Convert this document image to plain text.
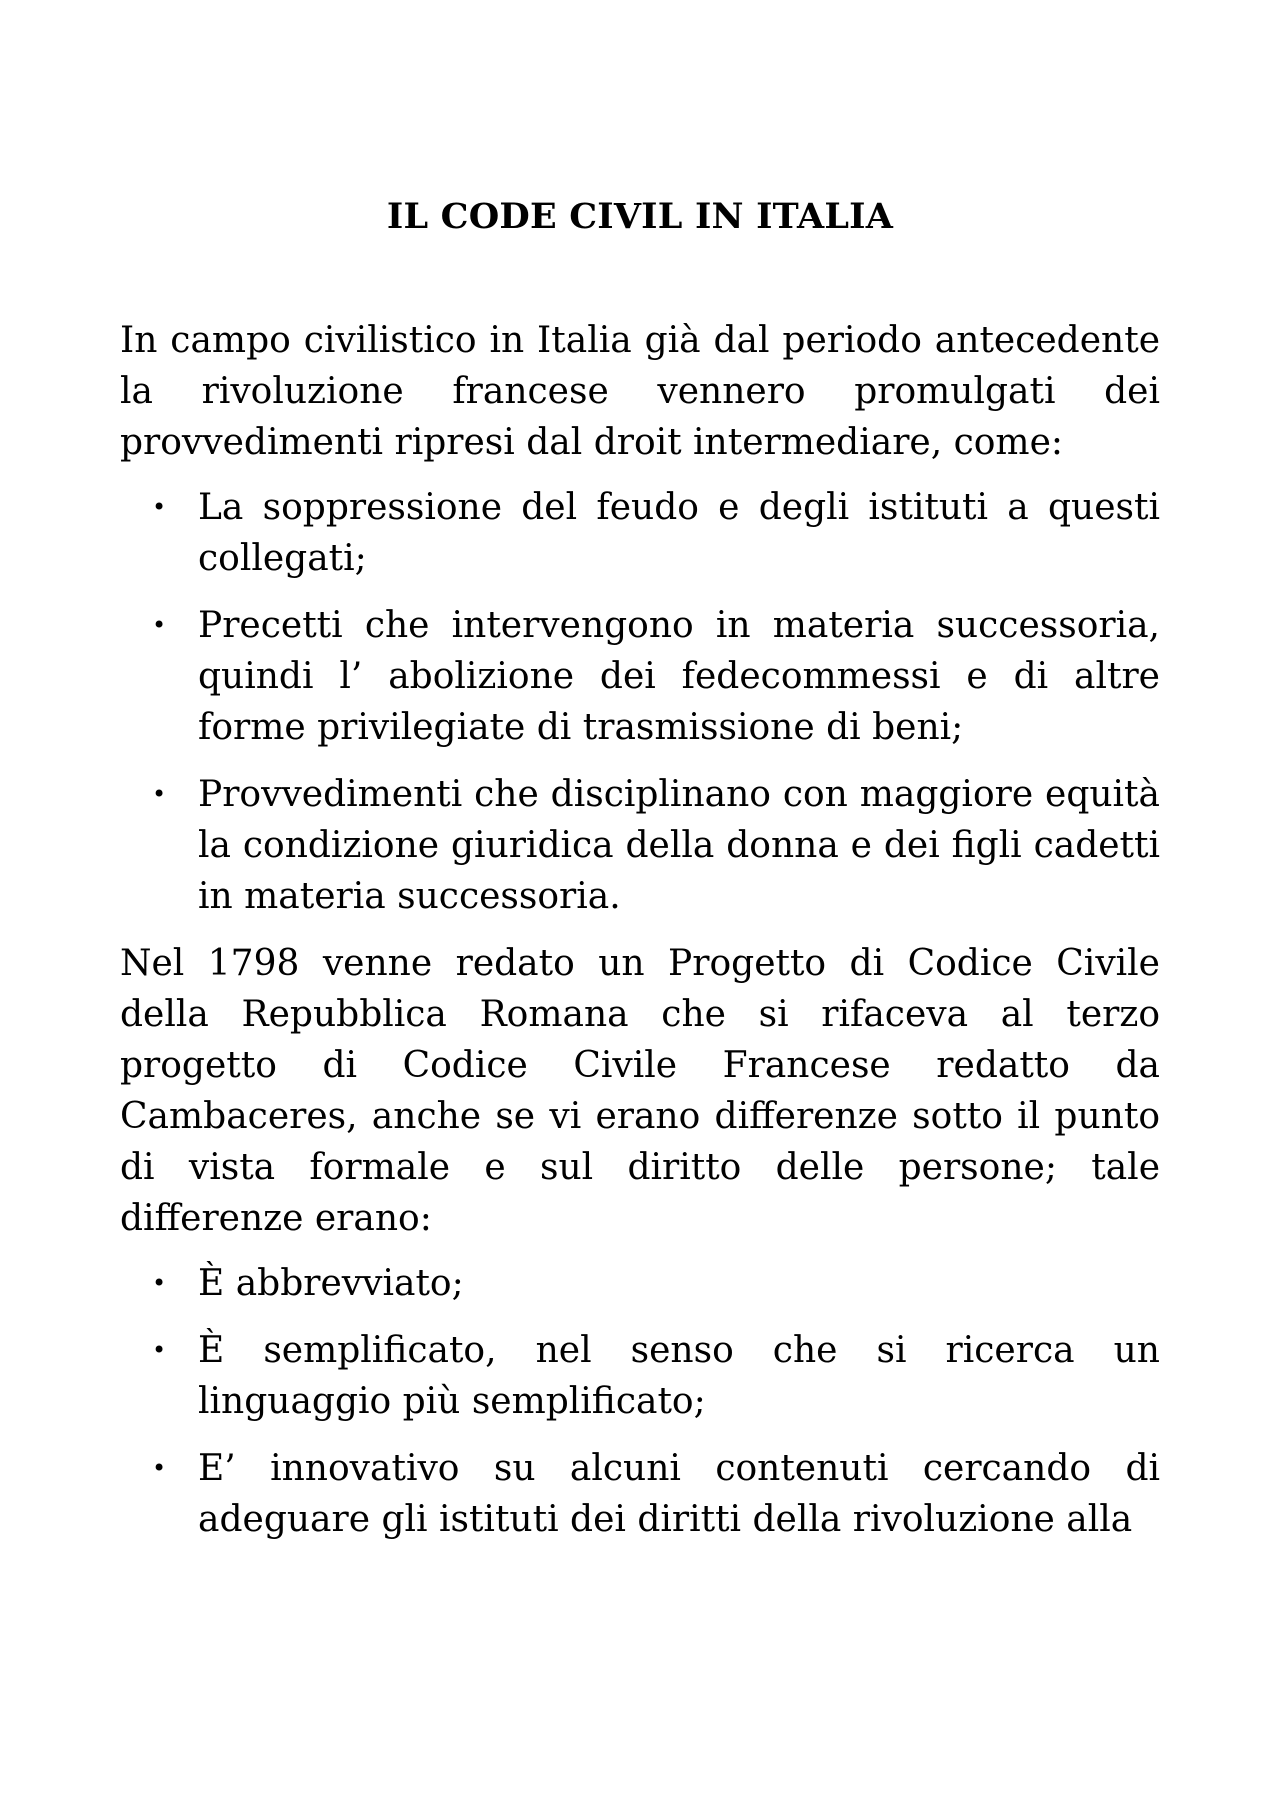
IL CODE CIVIL IN ITALIA

In campo civilistico in Italia già dal periodo antecedente la rivoluzione francese vennero promulgati dei provvedimenti ripresi dal droit intermediare, come:

• La soppressione del feudo e degli istituti a questi collegati;
• Precetti che intervengono in materia successoria, quindi l’ abolizione dei fedecommessi e di altre forme privilegiate di trasmissione di beni;
• Provvedimenti che disciplinano con maggiore equità la condizione giuridica della donna e dei figli cadetti in materia successoria.

Nel 1798 venne redato un Progetto di Codice Civile della Repubblica Romana che si rifaceva al terzo progetto di Codice Civile Francese redatto da Cambaceres, anche se vi erano differenze sotto il punto di vista formale e sul diritto delle persone; tale differenze erano:

• È abbrevviato;
• È semplificato, nel senso che si ricerca un linguaggio più semplificato;
• E’ innovativo su alcuni contenuti cercando di adeguare gli istituti dei diritti della rivoluzione alla
